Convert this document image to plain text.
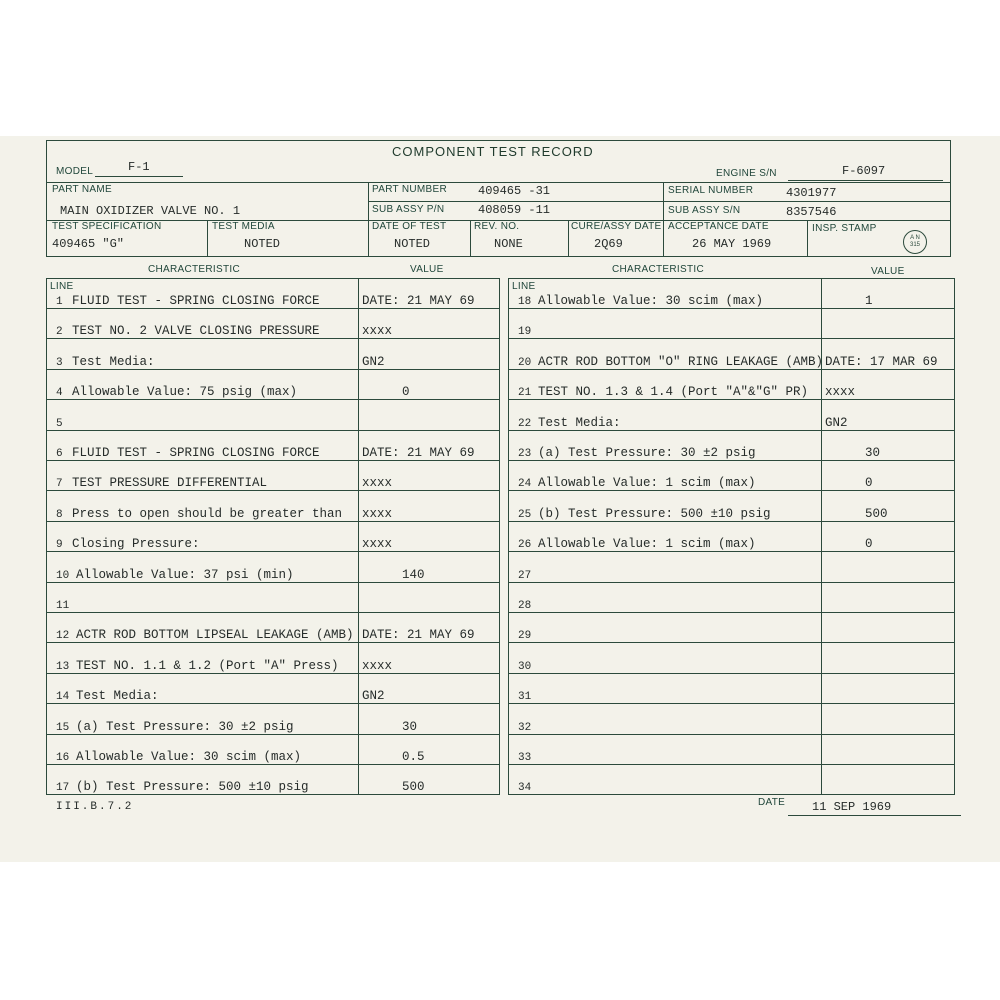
COMPONENT TEST RECORD
MODEL	F-1	ENGINE S/N	F-6097
PART NAME
MAIN OXIDIZER VALVE NO. 1
PART NUMBER	409465 -31
SUB ASSY P/N	408059 -11
SERIAL NUMBER	4301977
SUB ASSY S/N	8357546
TEST SPECIFICATION
409465 "G"
TEST MEDIA
NOTED
DATE OF TEST
NOTED
REV. NO.
NONE
CURE/ASSY DATE
2Q69
ACCEPTANCE DATE
26 MAY 1969
INSP. STAMP
A N
315
CHARACTERISTIC	VALUE	CHARACTERISTIC	VALUE
LINE
1 FLUID TEST - SPRING CLOSING FORCE	DATE: 21 MAY 69
2 TEST NO. 2 VALVE CLOSING PRESSURE	xxxx
3 Test Media:	GN2
4 Allowable Value: 75 psig (max)	0
5
6 FLUID TEST - SPRING CLOSING FORCE	DATE: 21 MAY 69
7 TEST PRESSURE DIFFERENTIAL	xxxx
8 Press to open should be greater than xxxx
9 Closing Pressure:	xxxx
10 Allowable Value: 37 psi (min)	140
11
12 ACTR ROD BOTTOM LIPSEAL LEAKAGE (AMB) DATE: 21 MAY 69
13 TEST NO. 1.1 & 1.2 (Port "A" Press) xxxx
14 Test Media:	GN2
15 (a) Test Pressure: 30 ±2 psig	30
16 Allowable Value: 30 scim (max)	0.5
17 (b) Test Pressure: 500 ±10 psig	500
LINE
18 Allowable Value: 30 scim (max)	1
19
20 ACTR ROD BOTTOM "O" RING LEAKAGE (AMB) DATE: 17 MAR 69
21 TEST NO. 1.3 & 1.4 (Port "A"&"G" PR) xxxx
22 Test Media:	GN2
23 (a) Test Pressure: 30 ±2 psig	30
24 Allowable Value: 1 scim (max)	0
25 (b) Test Pressure: 500 ±10 psig	500
26 Allowable Value: 1 scim (max)	0
27
28
29
30
31
32
33
34
III.B.7.2	DATE 11 SEP 1969
